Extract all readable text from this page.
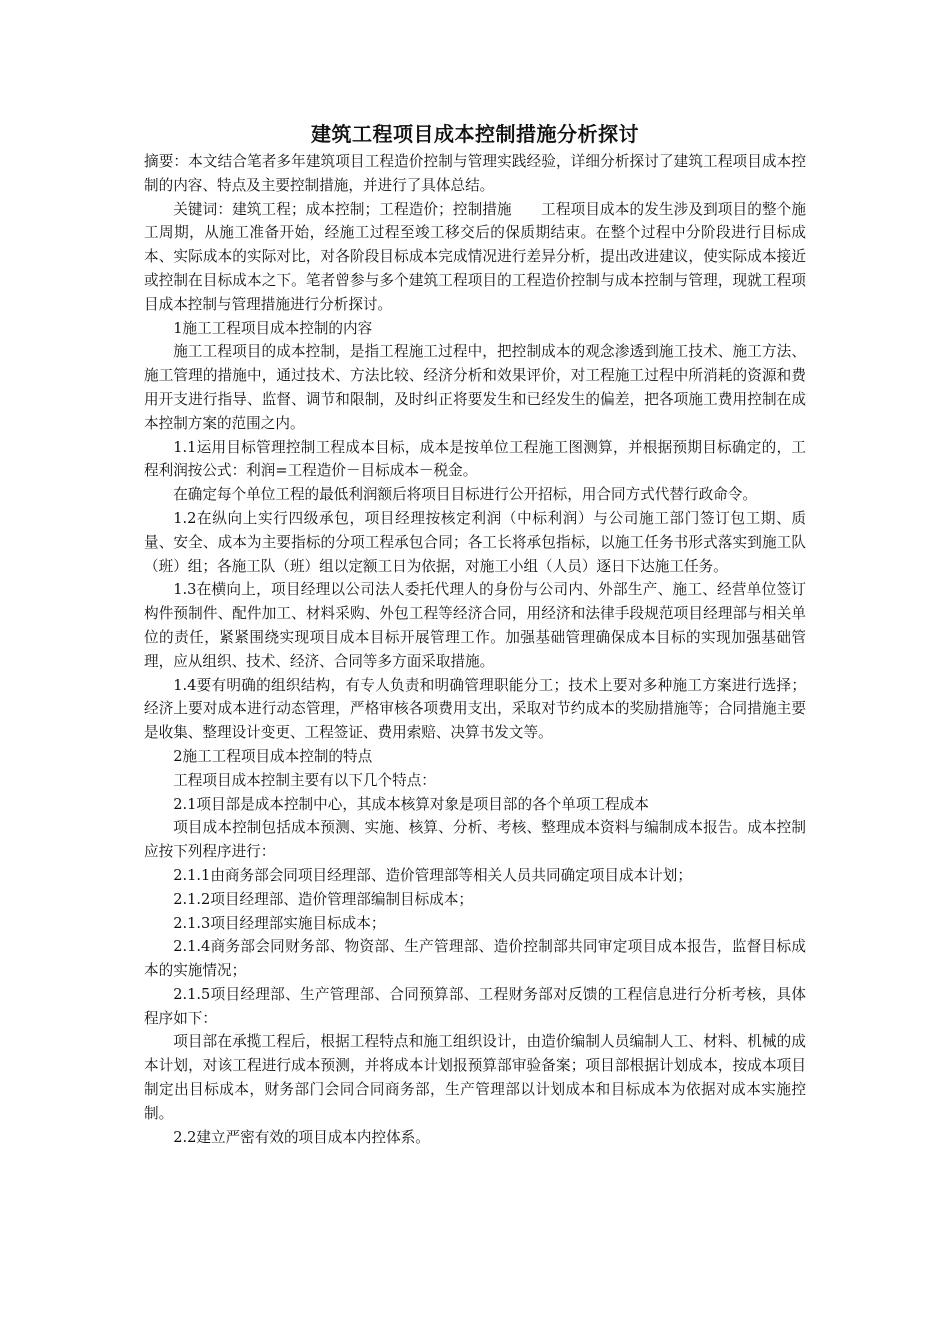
建筑工程项目成本控制措施分析探讨

摘要：本文结合笔者多年建筑项目工程造价控制与管理实践经验，详细分析探讨了建筑工程项目成本控制的内容、特点及主要控制措施，并进行了具体总结。

关键词：建筑工程；成本控制；工程造价；控制措施　　工程项目成本的发生涉及到项目的整个施工周期，从施工准备开始，经施工过程至竣工移交后的保质期结束。在整个过程中分阶段进行目标成本、实际成本的实际对比，对各阶段目标成本完成情况进行差异分析，提出改进建议，使实际成本接近或控制在目标成本之下。笔者曾参与多个建筑工程项目的工程造价控制与成本控制与管理，现就工程项目成本控制与管理措施进行分析探讨。

1施工工程项目成本控制的内容

施工工程项目的成本控制，是指工程施工过程中，把控制成本的观念渗透到施工技术、施工方法、施工管理的措施中，通过技术、方法比较、经济分析和效果评价，对工程施工过程中所消耗的资源和费用开支进行指导、监督、调节和限制，及时纠正将要发生和已经发生的偏差，把各项施工费用控制在成本控制方案的范围之内。

1.1运用目标管理控制工程成本目标，成本是按单位工程施工图测算，并根据预期目标确定的，工程利润按公式：利润=工程造价－目标成本－税金。

在确定每个单位工程的最低利润额后将项目目标进行公开招标，用合同方式代替行政命令。

1.2在纵向上实行四级承包，项目经理按核定利润（中标利润）与公司施工部门签订包工期、质量、安全、成本为主要指标的分项工程承包合同；各工长将承包指标，以施工任务书形式落实到施工队（班）组；各施工队（班）组以定额工日为依据，对施工小组（人员）逐日下达施工任务。

1.3在横向上，项目经理以公司法人委托代理人的身份与公司内、外部生产、施工、经营单位签订构件预制件、配件加工、材料采购、外包工程等经济合同，用经济和法律手段规范项目经理部与相关单位的责任，紧紧围绕实现项目成本目标开展管理工作。加强基础管理确保成本目标的实现加强基础管理，应从组织、技术、经济、合同等多方面采取措施。

1.4要有明确的组织结构，有专人负责和明确管理职能分工；技术上要对多种施工方案进行选择；经济上要对成本进行动态管理，严格审核各项费用支出，采取对节约成本的奖励措施等；合同措施主要是收集、整理设计变更、工程签证、费用索赔、决算书发文等。

2施工工程项目成本控制的特点

工程项目成本控制主要有以下几个特点：

2.1项目部是成本控制中心，其成本核算对象是项目部的各个单项工程成本

项目成本控制包括成本预测、实施、核算、分析、考核、整理成本资料与编制成本报告。成本控制应按下列程序进行：

2.1.1由商务部会同项目经理部、造价管理部等相关人员共同确定项目成本计划；

2.1.2项目经理部、造价管理部编制目标成本；

2.1.3项目经理部实施目标成本；

2.1.4商务部会同财务部、物资部、生产管理部、造价控制部共同审定项目成本报告，监督目标成本的实施情况；

2.1.5项目经理部、生产管理部、合同预算部、工程财务部对反馈的工程信息进行分析考核，具体程序如下：

项目部在承揽工程后，根据工程特点和施工组织设计，由造价编制人员编制人工、材料、机械的成本计划，对该工程进行成本预测，并将成本计划报预算部审验备案；项目部根据计划成本，按成本项目制定出目标成本，财务部门会同合同商务部，生产管理部以计划成本和目标成本为依据对成本实施控制。

2.2建立严密有效的项目成本内控体系。
